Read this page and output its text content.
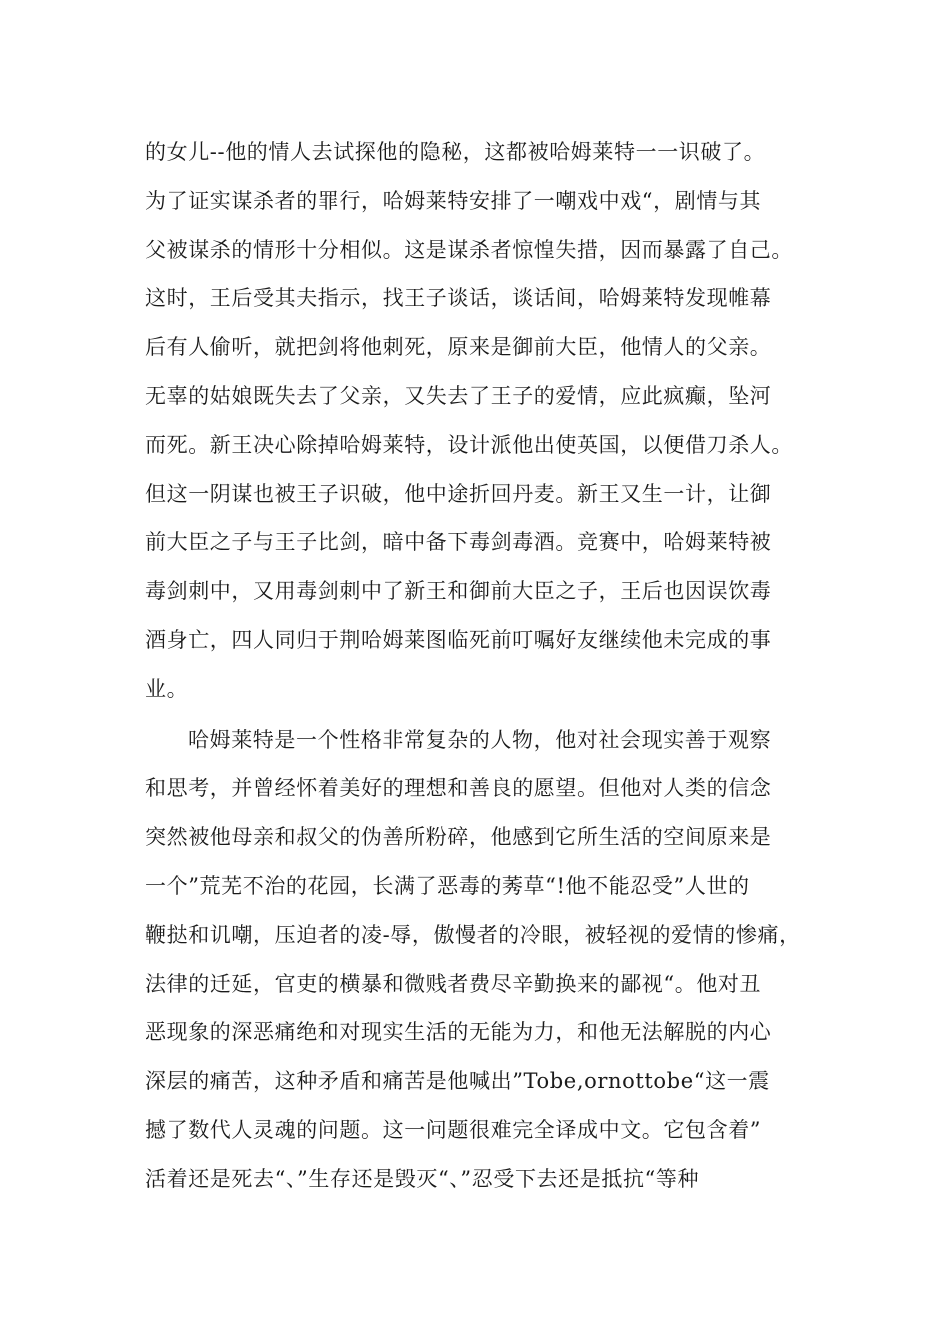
的女儿--他的情人去试探他的隐秘，这都被哈姆莱特一一识破了。
为了证实谋杀者的罪行，哈姆莱特安排了一嘲戏中戏“，剧情与其
父被谋杀的情形十分相似。这是谋杀者惊惶失措，因而暴露了自己。
这时，王后受其夫指示，找王子谈话，谈话间，哈姆莱特发现帷幕
后有人偷听，就把剑将他刺死，原来是御前大臣，他情人的父亲。
无辜的姑娘既失去了父亲，又失去了王子的爱情，应此疯癫，坠河
而死。新王决心除掉哈姆莱特，设计派他出使英国，以便借刀杀人。
但这一阴谋也被王子识破，他中途折回丹麦。新王又生一计，让御
前大臣之子与王子比剑，暗中备下毒剑毒酒。竞赛中，哈姆莱特被
毒剑刺中，又用毒剑刺中了新王和御前大臣之子，王后也因误饮毒
酒身亡，四人同归于荆哈姆莱图临死前叮嘱好友继续他未完成的事
业。
哈姆莱特是一个性格非常复杂的人物，他对社会现实善于观察
和思考，并曾经怀着美好的理想和善良的愿望。但他对人类的信念
突然被他母亲和叔父的伪善所粉碎，他感到它所生活的空间原来是
一个”荒芜不治的花园，长满了恶毒的莠草“!他不能忍受”人世的
鞭挞和讥嘲，压迫者的凌-辱，傲慢者的冷眼，被轻视的爱情的惨痛，
法律的迁延，官吏的横暴和微贱者费尽辛勤换来的鄙视“。他对丑
恶现象的深恶痛绝和对现实生活的无能为力，和他无法解脱的内心
深层的痛苦，这种矛盾和痛苦是他喊出”Tobe,ornottobe“这一震
撼了数代人灵魂的问题。这一问题很难完全译成中文。它包含着”
活着还是死去“、”生存还是毁灭“、”忍受下去还是抵抗“等种
